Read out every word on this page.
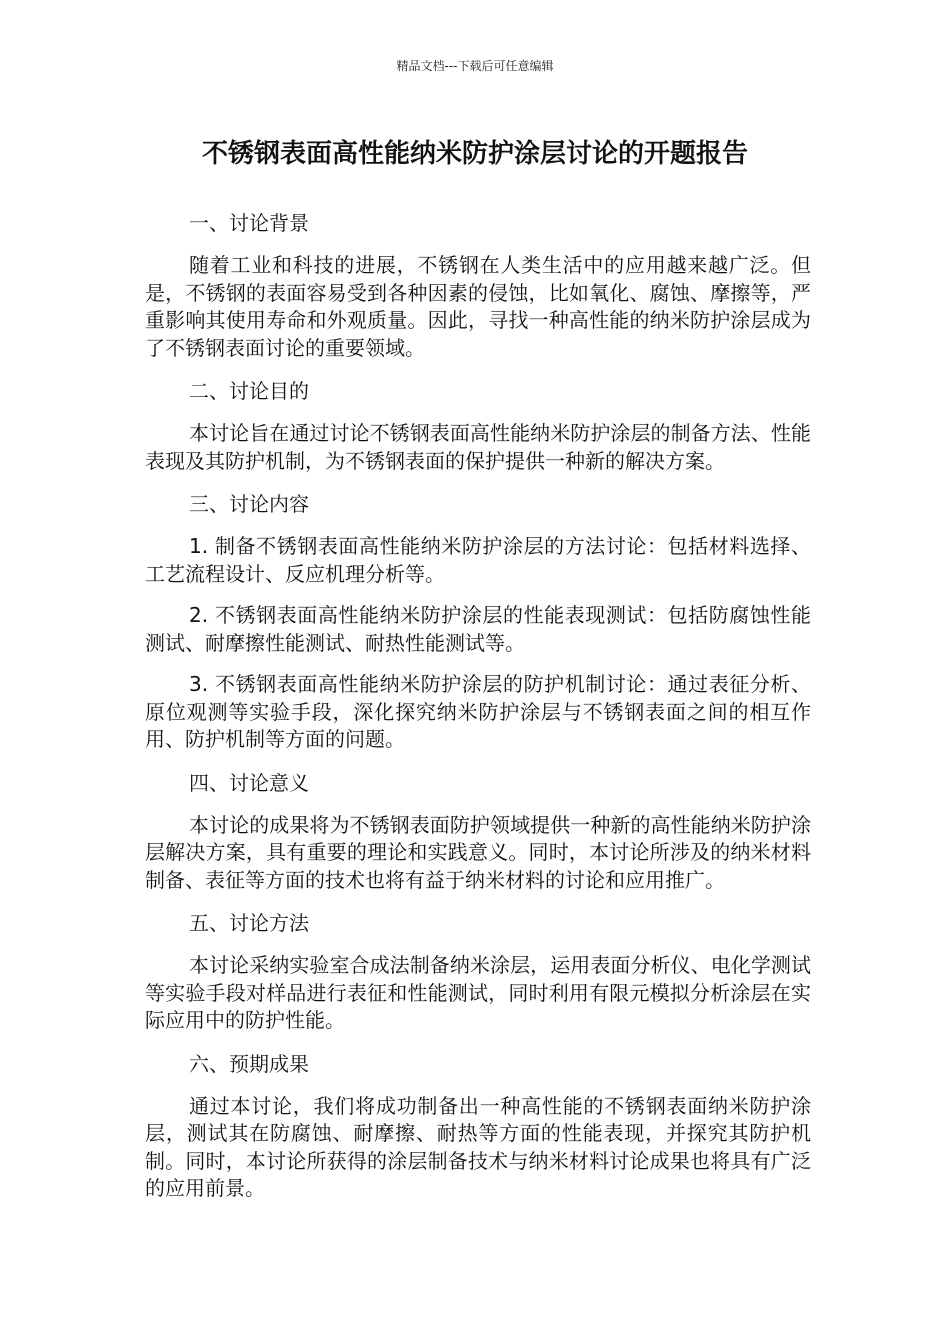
精品文档---下载后可任意编辑
不锈钢表面高性能纳米防护涂层讨论的开题报告
一、讨论背景

随着工业和科技的进展，不锈钢在人类生活中的应用越来越广泛。但是，不锈钢的表面容易受到各种因素的侵蚀，比如氧化、腐蚀、摩擦等，严重影响其使用寿命和外观质量。因此，寻找一种高性能的纳米防护涂层成为了不锈钢表面讨论的重要领域。

二、讨论目的

本讨论旨在通过讨论不锈钢表面高性能纳米防护涂层的制备方法、性能表现及其防护机制，为不锈钢表面的保护提供一种新的解决方案。

三、讨论内容

1. 制备不锈钢表面高性能纳米防护涂层的方法讨论：包括材料选择、工艺流程设计、反应机理分析等。

2. 不锈钢表面高性能纳米防护涂层的性能表现测试：包括防腐蚀性能测试、耐摩擦性能测试、耐热性能测试等。

3. 不锈钢表面高性能纳米防护涂层的防护机制讨论：通过表征分析、原位观测等实验手段，深化探究纳米防护涂层与不锈钢表面之间的相互作用、防护机制等方面的问题。

四、讨论意义

本讨论的成果将为不锈钢表面防护领域提供一种新的高性能纳米防护涂层解决方案，具有重要的理论和实践意义。同时，本讨论所涉及的纳米材料制备、表征等方面的技术也将有益于纳米材料的讨论和应用推广。

五、讨论方法

本讨论采纳实验室合成法制备纳米涂层，运用表面分析仪、电化学测试等实验手段对样品进行表征和性能测试，同时利用有限元模拟分析涂层在实际应用中的防护性能。

六、预期成果

通过本讨论，我们将成功制备出一种高性能的不锈钢表面纳米防护涂层，测试其在防腐蚀、耐摩擦、耐热等方面的性能表现，并探究其防护机制。同时，本讨论所获得的涂层制备技术与纳米材料讨论成果也将具有广泛的应用前景。
